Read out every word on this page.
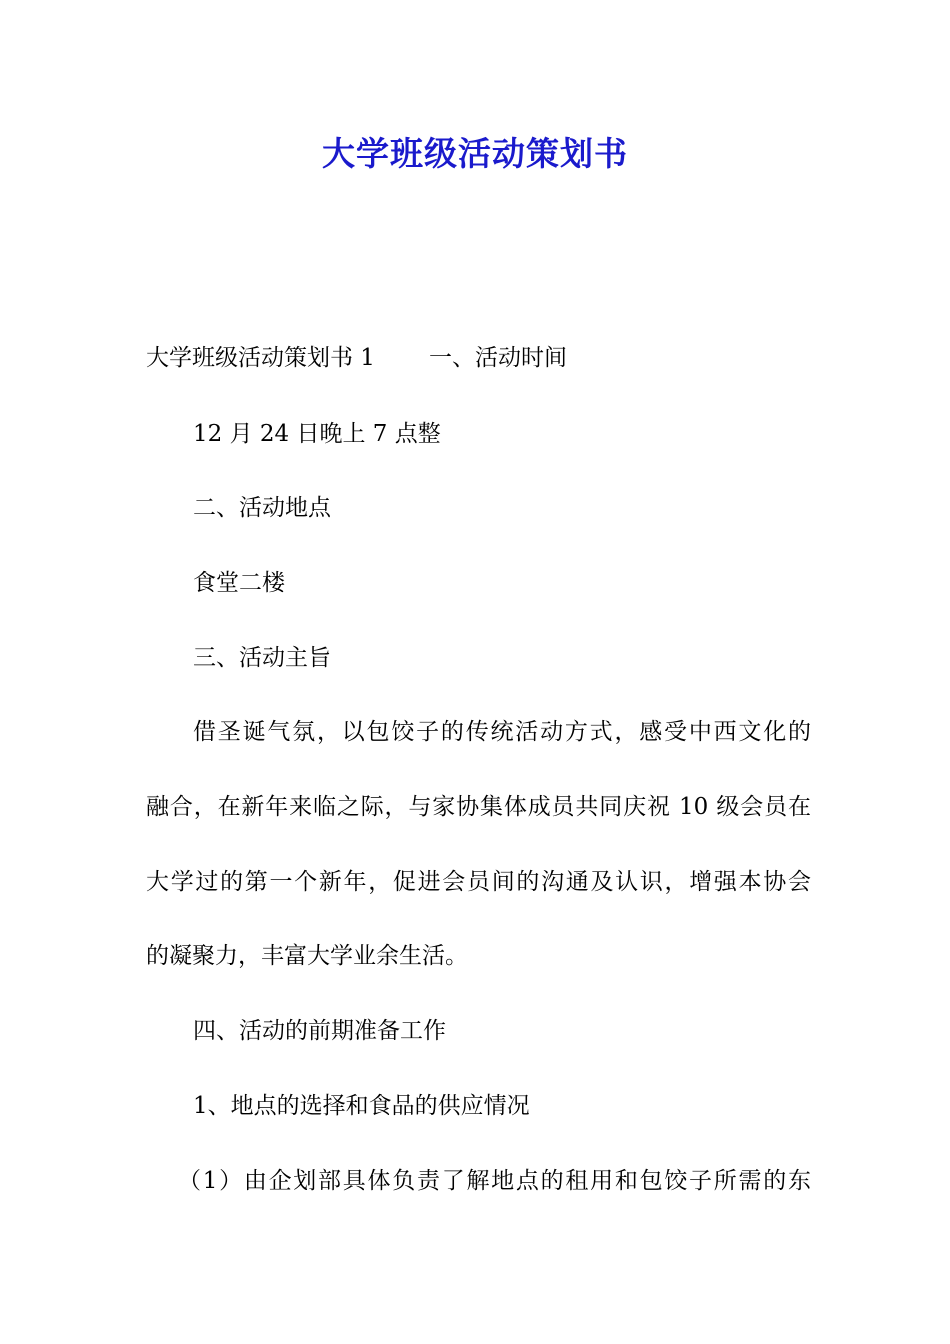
大学班级活动策划书

大学班级活动策划书 1 一、活动时间

12 月 24 日晚上 7 点整

二、活动地点

食堂二楼

三、活动主旨

借圣诞气氛，以包饺子的传统活动方式，感受中西文化的

融合，在新年来临之际，与家协集体成员共同庆祝 10 级会员在

大学过的第一个新年，促进会员间的沟通及认识，增强本协会

的凝聚力，丰富大学业余生活。

四、活动的前期准备工作

1、地点的选择和食品的供应情况

（1）由企划部具体负责了解地点的租用和包饺子所需的东
